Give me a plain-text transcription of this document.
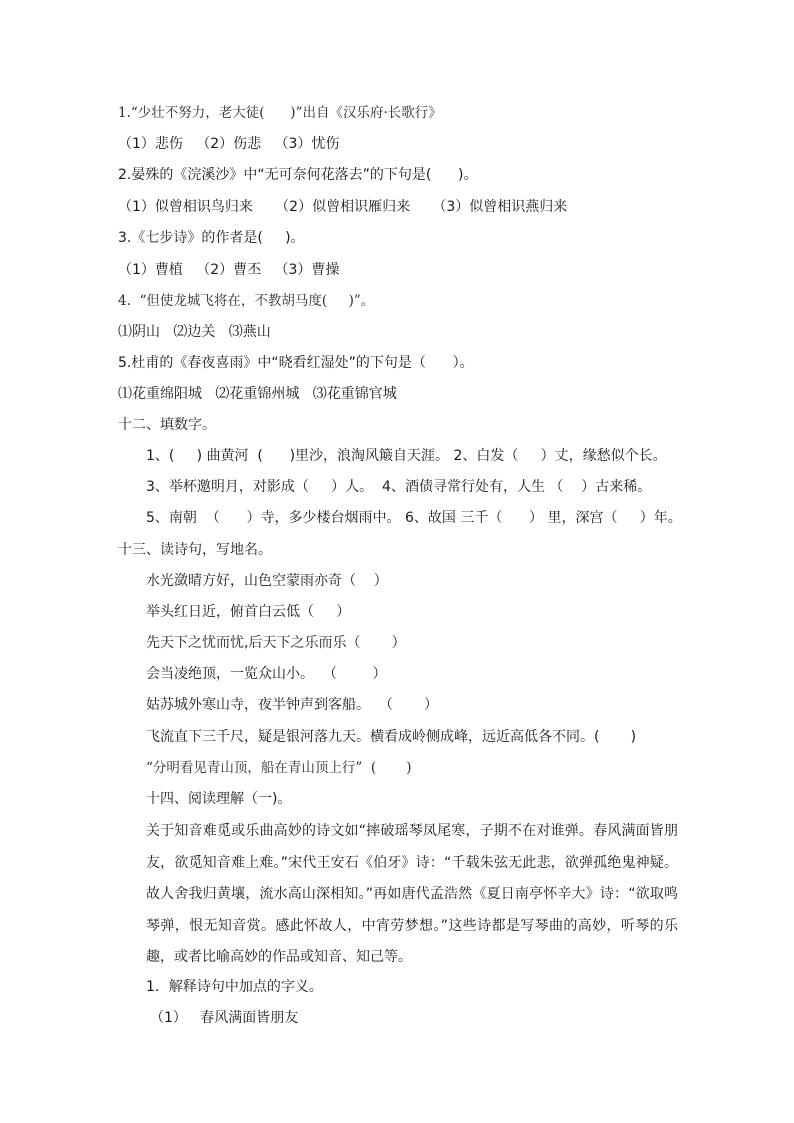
1.“少壮不努力，老大徒(      )”出自《汉乐府·长歌行》
（1）悲伤   （2）伤悲   （3）忧伤
2.晏殊的《浣溪沙》中“无可奈何花落去”的下句是(      )。
（1）似曾相识鸟归来     （2）似曾相识雁归来     （3）似曾相识燕归来
3.《七步诗》的作者是(     )。
（1）曹植   （2）曹丕   （3）曹操
4.  “但使龙城飞将在，不教胡马度(     )”。
⑴阴山   ⑵边关   ⑶燕山
5.杜甫的《春夜喜雨》中“晓看红湿处”的下句是（      ）。
⑴花重绵阳城   ⑵花重锦州城   ⑶花重锦官城
十二、填数字。
1、(     ) 曲黄河  (      )里沙，浪淘风簸自天涯。 2、白发（     ）丈，缘愁似个长。
3、举杯邀明月，对影成（     ）人。  4、酒债寻常行处有，人生 （    ）古来稀。
5、南朝  （      ）寺，多少楼台烟雨中。 6、故国 三千（      ） 里，深宫（     ）年。
十三、读诗句，写地名。
水光潋晴方好，山色空蒙雨亦奇（    ）
举头红日近，俯首白云低（     ）
先天下之忧而忧,后天下之乐而乐（       ）
会当凌绝顶，一览众山小。  （        ）
姑苏城外寒山寺，夜半钟声到客船。  （       ）
飞流直下三千尺，疑是银河落九天。横看成岭侧成峰，远近高低各不同。(       )
“分明看见青山顶，船在青山顶上行”  (       )
十四、阅读理解（一)。
关于知音难觅或乐曲高妙的诗文如“摔破瑶琴凤尾寒，子期不在对谁弹。春风满面皆朋友，欲觅知音难上难。”宋代王安石《伯牙》诗：“千载朱弦无此悲，欲弹孤绝鬼神疑。故人舍我归黄壤，流水高山深相知。”再如唐代孟浩然《夏日南亭怀辛大》诗：“欲取鸣琴弹，恨无知音赏。感此怀故人，中宵劳梦想。”这些诗都是写琴曲的高妙，听琴的乐趣，或者比喻高妙的作品或知音、知己等。
1．解释诗句中加点的字义。
（1）   春风满面皆朋友
